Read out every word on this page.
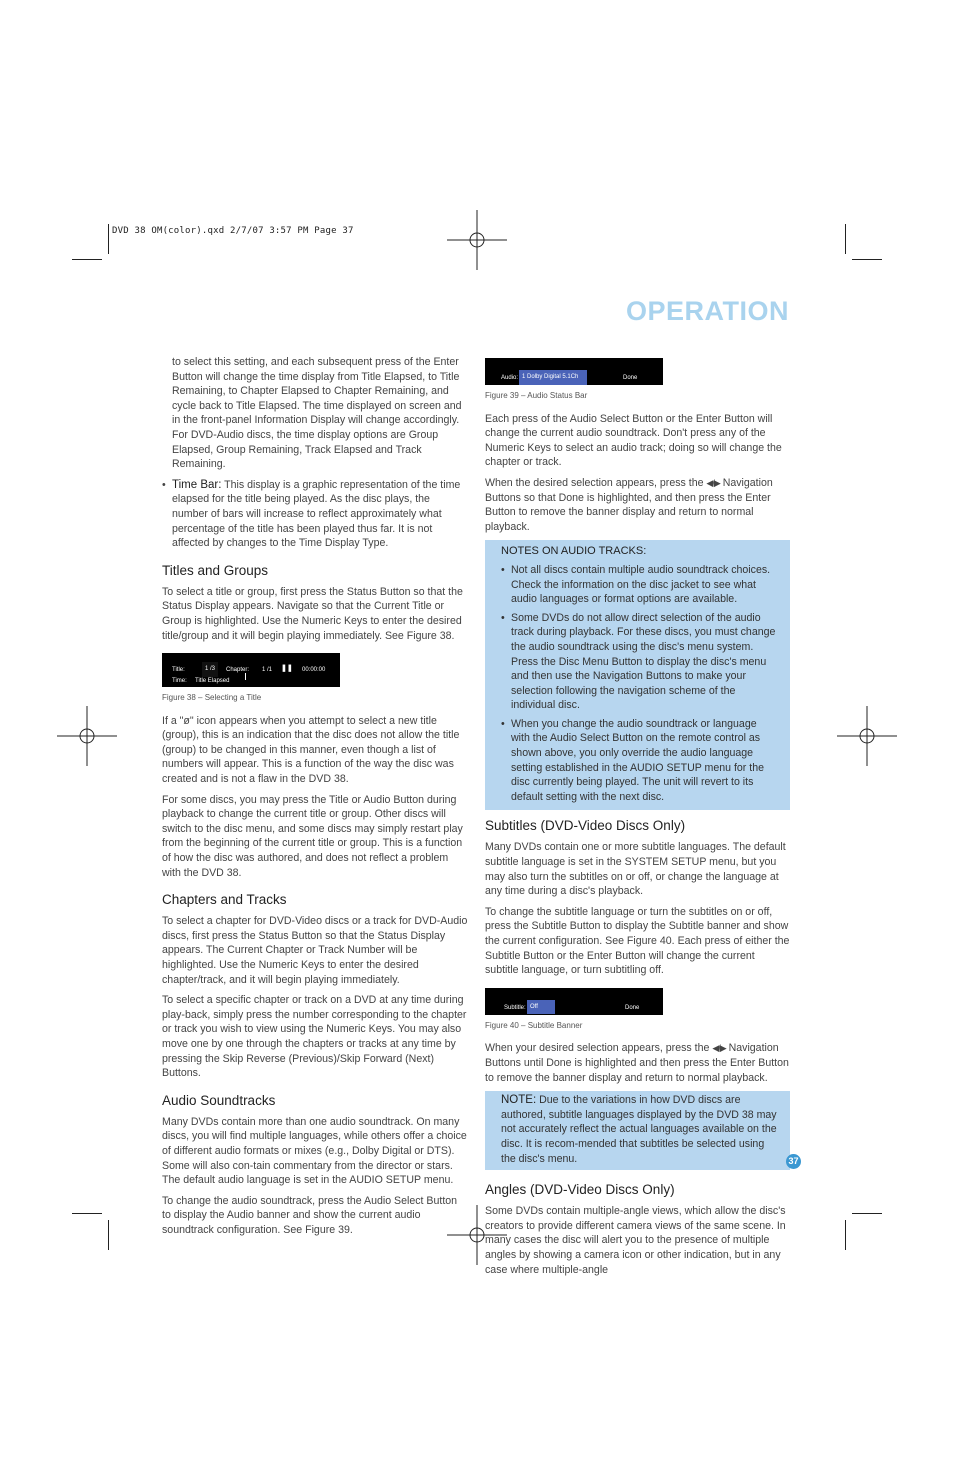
DVD 38 OM(color).qxd 2/7/07 3:57 PM Page 37
OPERATION

to select this setting, and each subsequent press of the Enter Button will change the time display from Title Elapsed, to Title Remaining, to Chapter Elapsed to Chapter Remaining, and cycle back to Title Elapsed. The time displayed on screen and in the front-panel Information Display will change accordingly. For DVD-Audio discs, the time display options are Group Elapsed, Group Remaining, Track Elapsed and Track Remaining.

• Time Bar: This display is a graphic representation of the time elapsed for the title being played. As the disc plays, the number of bars will increase to reflect approximately what percentage of the title has been played thus far. It is not affected by changes to the Time Display Type.

Titles and Groups

To select a title or group, first press the Status Button so that the Status Display appears. Navigate so that the Current Title or Group is highlighted. Use the Numeric Keys to enter the desired title/group and it will begin playing immediately. See Figure 38.

Title:	1 /3	Chapter: 1 /1 ❚❚ 00:00:00
Time: Title Elapsed
Figure 38 – Selecting a Title

If a "ø" icon appears when you attempt to select a new title (group), this is an indication that the disc does not allow the title (group) to be changed in this manner, even though a list of numbers will appear. This is a function of the way the disc was created and is not a flaw in the DVD 38.

For some discs, you may press the Title or Audio Button during playback to change the current title or group. Other discs will switch to the disc menu, and some discs may simply restart play from the beginning of the current title or group. This is a function of how the disc was authored, and does not reflect a problem with the DVD 38.

Chapters and Tracks

To select a chapter for DVD-Video discs or a track for DVD-Audio discs, first press the Status Button so that the Status Display appears. The Current Chapter or Track Number will be highlighted. Use the Numeric Keys to enter the desired chapter/track, and it will begin playing immediately.

To select a specific chapter or track on a DVD at any time during play-back, simply press the number corresponding to the chapter or track you wish to view using the Numeric Keys. You may also move one by one through the chapters or tracks at any time by pressing the Skip Reverse (Previous)/Skip Forward (Next) Buttons.

Audio Soundtracks

Many DVDs contain more than one audio soundtrack. On many discs, you will find multiple languages, while others offer a choice of different audio formats or mixes (e.g., Dolby Digital or DTS). Some will also con-tain commentary from the director or stars. The default audio language is set in the AUDIO SETUP menu.

To change the audio soundtrack, press the Audio Select Button to display the Audio banner and show the current audio soundtrack configuration. See Figure 39.

Audio: 1 Dolby Digital 5.1Ch	Done
Figure 39 – Audio Status Bar

Each press of the Audio Select Button or the Enter Button will change the current audio soundtrack. Don't press any of the Numeric Keys to select an audio track; doing so will change the chapter or track.

When the desired selection appears, press the ◀/▶ Navigation Buttons so that Done is highlighted, and then press the Enter Button to remove the banner display and return to normal playback.

NOTES ON AUDIO TRACKS:

• Not all discs contain multiple audio soundtrack choices. Check the information on the disc jacket to see what audio languages or format options are available.

• Some DVDs do not allow direct selection of the audio track during playback. For these discs, you must change the audio soundtrack using the disc's menu system. Press the Disc Menu Button to display the disc's menu and then use the Navigation Buttons to make your selection following the navigation scheme of the individual disc.

• When you change the audio soundtrack or language with the Audio Select Button on the remote control as shown above, you only override the audio language setting established in the AUDIO SETUP menu for the disc currently being played. The unit will revert to its default setting with the next disc.

Subtitles (DVD-Video Discs Only)

Many DVDs contain one or more subtitle languages. The default subtitle language is set in the SYSTEM SETUP menu, but you may also turn the subtitles on or off, or change the language at any time during a disc's playback.

To change the subtitle language or turn the subtitles on or off, press the Subtitle Button to display the Subtitle banner and show the current configuration. See Figure 40. Each press of either the Subtitle Button or the Enter Button will change the current subtitle language, or turn subtitling off.

Subtitle: Off	Done
Figure 40 – Subtitle Banner

When your desired selection appears, press the ◀/▶ Navigation Buttons until Done is highlighted and then press the Enter Button to remove the banner display and return to normal playback.

NOTE: Due to the variations in how DVD discs are authored, subtitle languages displayed by the DVD 38 may not accurately reflect the actual languages available on the disc. It is recom-mended that subtitles be selected using the disc's menu.
Angles (DVD-Video Discs Only)

Some DVDs contain multiple-angle views, which allow the disc's creators to provide different camera views of the same scene. In many cases the disc will alert you to the presence of multiple angles by showing a camera icon or other indication, but in any case where multiple-angle

37
